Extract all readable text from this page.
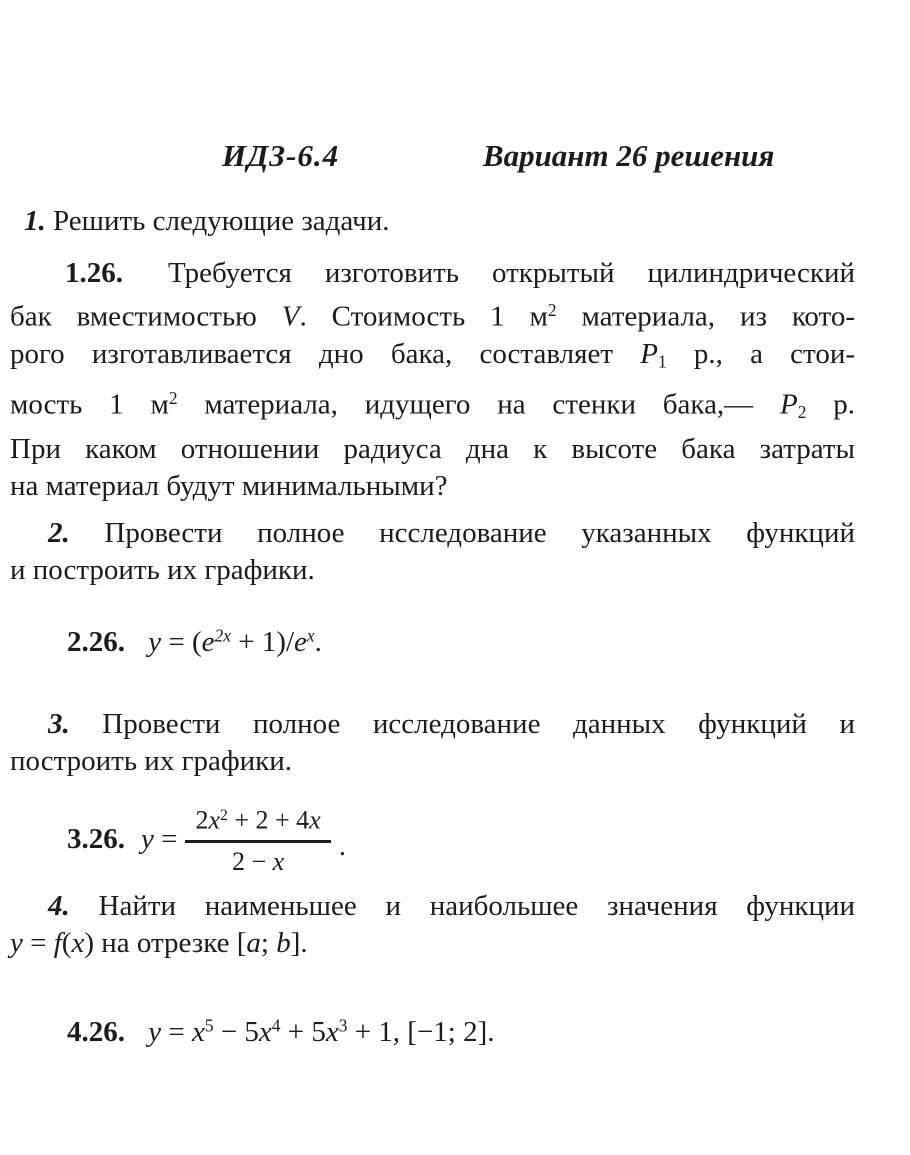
ИДЗ-6.4	Вариант 26 решения
1. Решить следующие задачи.
1.26. Требуется изготовить открытый цилиндрический
бак вместимостью V. Стоимость 1 $м^2$ материала, из кото-
рого изготавливается дно бака, составляет $P_1$ р., а стои-
мость 1 $м^2$ материала, идущего на стенки бака,— $P_2$ р.
При каком отношении радиуса дна к высоте бака затраты
на материал будут минимальными?
2. Провести полное нсследование указанных функций
и построить их графики.
2.26. $y = (e^{2x} + 1)/e^x$.
3. Провести полное исследование данных функций и
построить их графики.
3.26. $y = \frac{2x^2 + 2 + 4x}{2 - x}$ .
4. Найти наименьшее и наибольшее значения функции
y = f(x) на отрезке [a; b].
4.26. $y = x^5 - 5x^4 + 5x^3 + 1$, [−1; 2].
